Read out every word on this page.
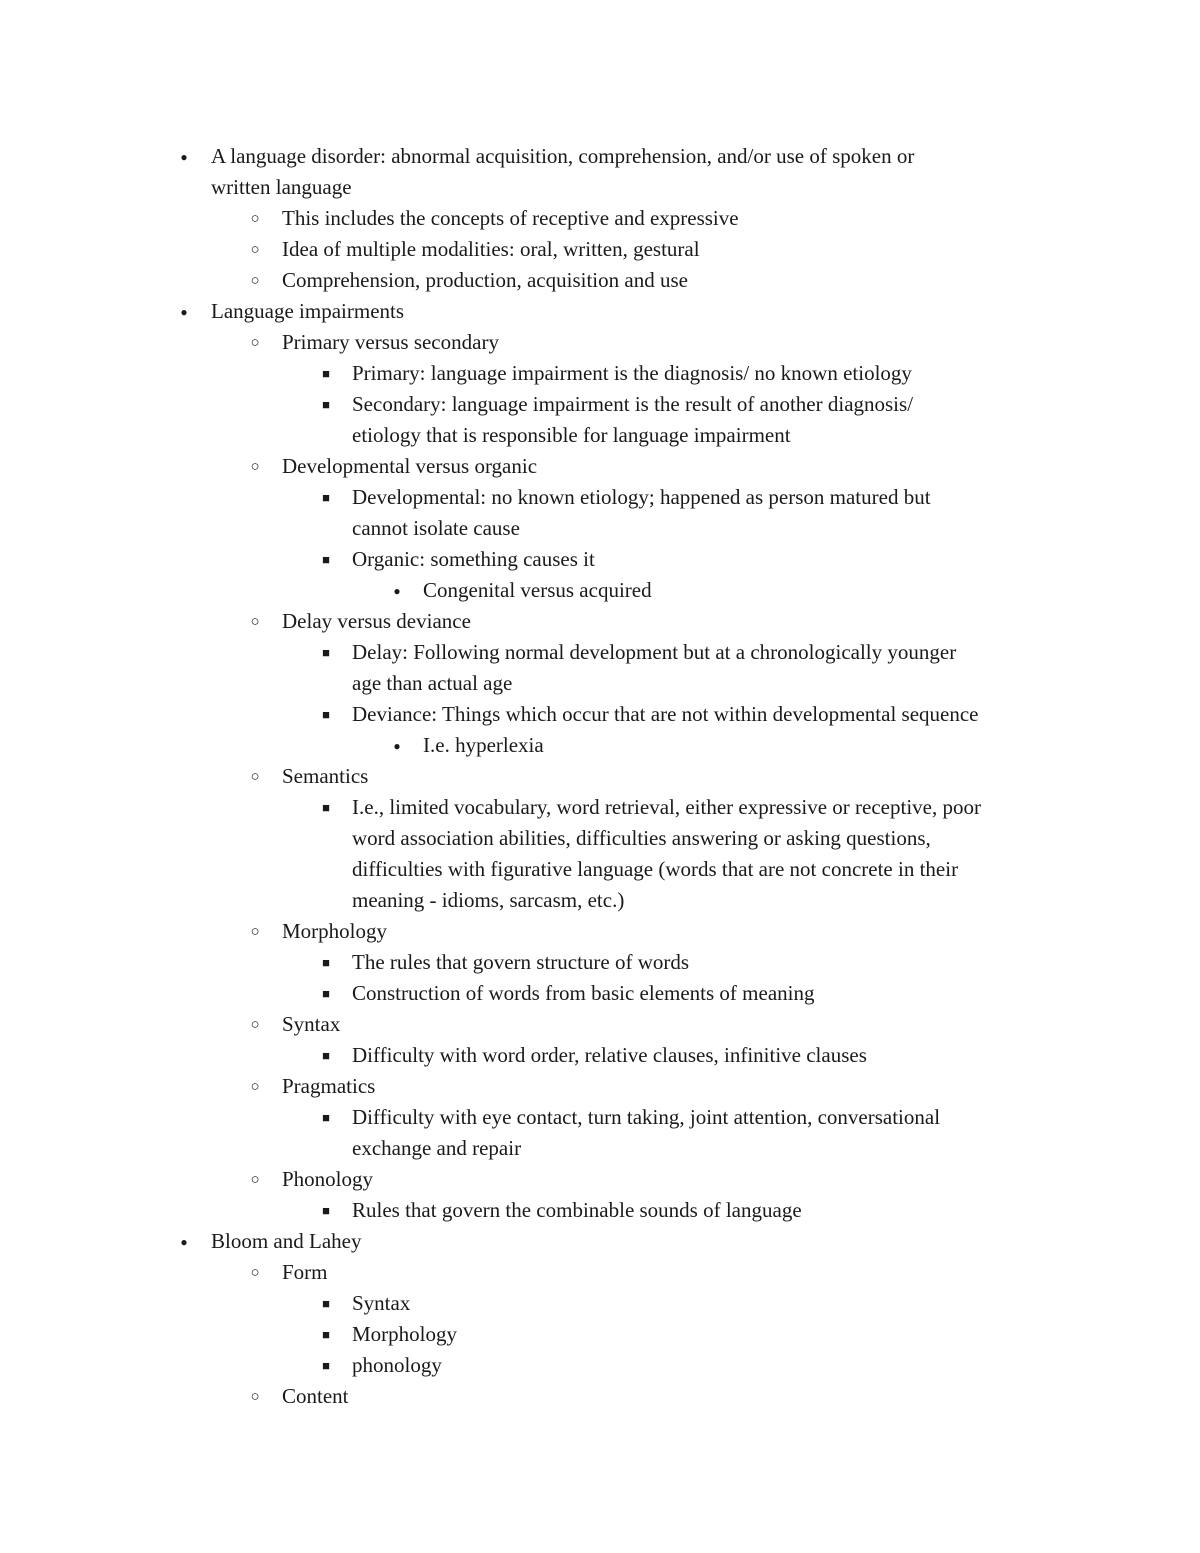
●
A language disorder: abnormal acquisition, comprehension, and/or use of spoken or
written language
○
This includes the concepts of receptive and expressive
○
Idea of multiple modalities: oral, written, gestural
○
Comprehension, production, acquisition and use
●
Language impairments
○
Primary versus secondary
■
Primary: language impairment is the diagnosis/ no known etiology
■
Secondary: language impairment is the result of another diagnosis/
etiology that is responsible for language impairment
○
Developmental versus organic
■
Developmental: no known etiology; happened as person matured but
cannot isolate cause
■
Organic: something causes it
●
Congenital versus acquired
○
Delay versus deviance
■
Delay: Following normal development but at a chronologically younger
age than actual age
■
Deviance: Things which occur that are not within developmental sequence
●
I.e. hyperlexia
○
Semantics
■
I.e., limited vocabulary, word retrieval, either expressive or receptive, poor
word association abilities, difficulties answering or asking questions,
difficulties with figurative language (words that are not concrete in their
meaning - idioms, sarcasm, etc.)
○
Morphology
■
The rules that govern structure of words
■
Construction of words from basic elements of meaning
○
Syntax
■
Difficulty with word order, relative clauses, infinitive clauses
○
Pragmatics
■
Difficulty with eye contact, turn taking, joint attention, conversational
exchange and repair
○
Phonology
■
Rules that govern the combinable sounds of language
●
Bloom and Lahey
○
Form
■
Syntax
■
Morphology
■
phonology
○
Content
